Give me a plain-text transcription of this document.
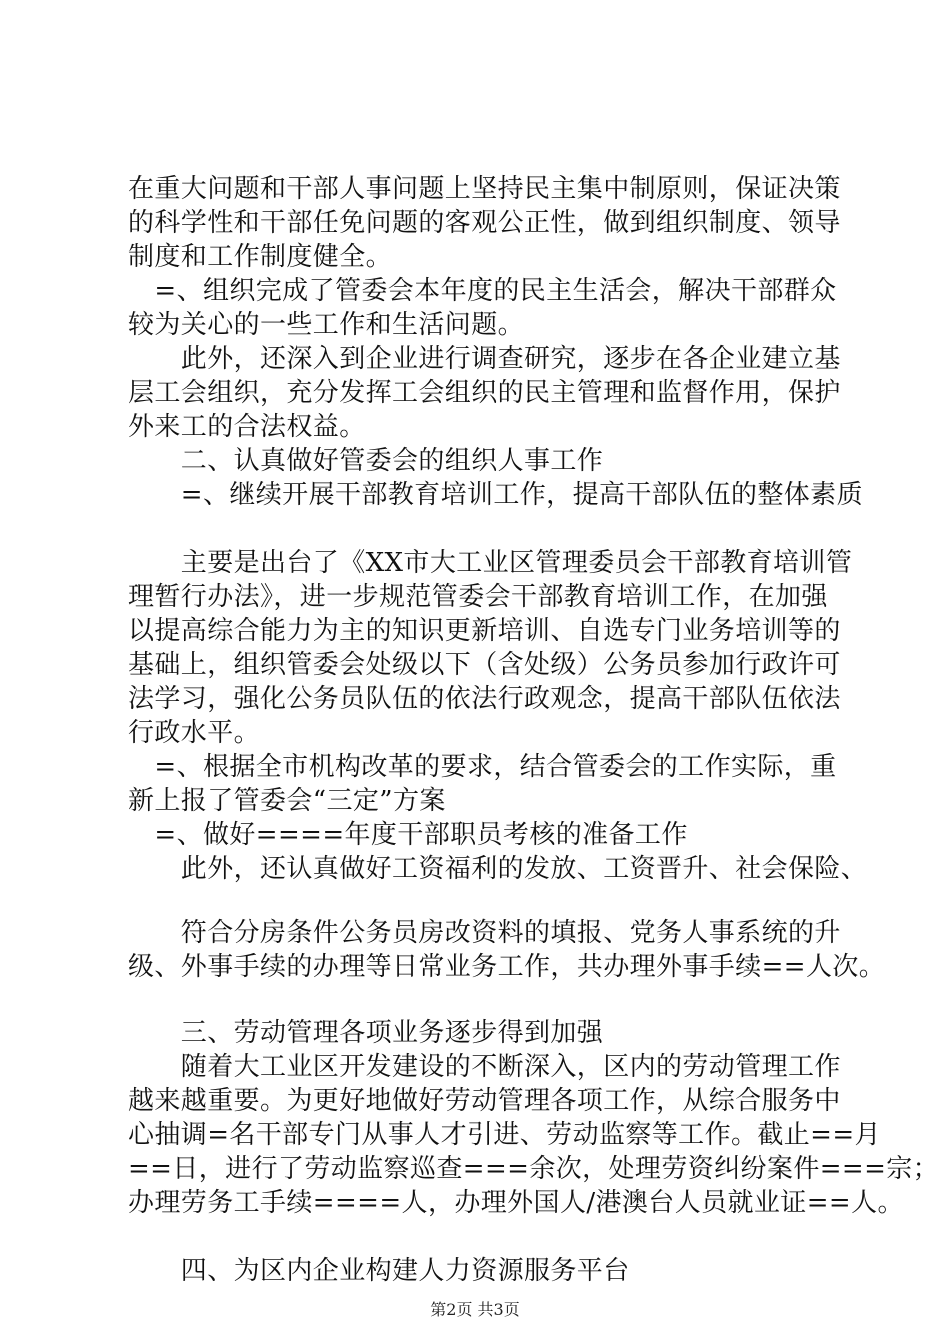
在重大问题和干部人事问题上坚持民主集中制原则，保证决策
的科学性和干部任免问题的客观公正性，做到组织制度、领导
制度和工作制度健全。
　=、组织完成了管委会本年度的民主生活会，解决干部群众
较为关心的一些工作和生活问题。
　　此外，还深入到企业进行调查研究，逐步在各企业建立基
层工会组织，充分发挥工会组织的民主管理和监督作用，保护
外来工的合法权益。
　　二、认真做好管委会的组织人事工作
　　=、继续开展干部教育培训工作，提高干部队伍的整体素质
　　主要是出台了《XX市大工业区管理委员会干部教育培训管
理暂行办法》，进一步规范管委会干部教育培训工作，在加强
以提高综合能力为主的知识更新培训、自选专门业务培训等的
基础上，组织管委会处级以下（含处级）公务员参加行政许可
法学习，强化公务员队伍的依法行政观念，提高干部队伍依法
行政水平。
　=、根据全市机构改革的要求，结合管委会的工作实际，重
新上报了管委会“三定”方案
　=、做好====年度干部职员考核的准备工作
　　此外，还认真做好工资福利的发放、工资晋升、社会保险、
　　符合分房条件公务员房改资料的填报、党务人事系统的升
级、外事手续的办理等日常业务工作，共办理外事手续==人次。
　　三、劳动管理各项业务逐步得到加强
　　随着大工业区开发建设的不断深入，区内的劳动管理工作
越来越重要。为更好地做好劳动管理各项工作，从综合服务中
心抽调=名干部专门从事人才引进、劳动监察等工作。截止==月
==日，进行了劳动监察巡查===余次，处理劳资纠纷案件===宗；
办理劳务工手续====人，办理外国人/港澳台人员就业证==人。
　　四、为区内企业构建人力资源服务平台
第2页 共3页
